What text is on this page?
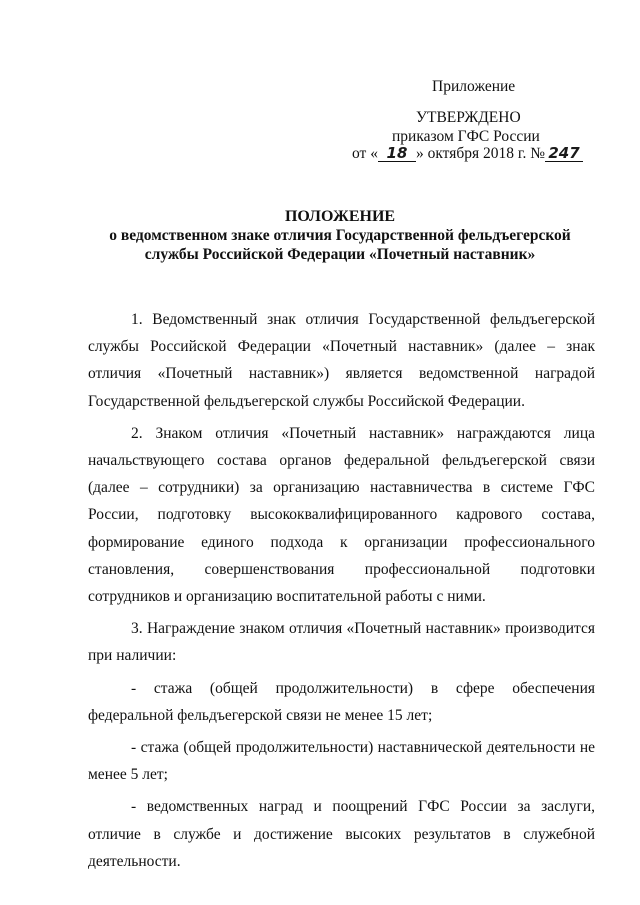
Приложение
УТВЕРЖДЕНО
приказом ГФС России
от « 18 » октября 2018 г. № 247
ПОЛОЖЕНИЕ
о ведомственном знаке отличия Государственной фельдъегерской
службы Российской Федерации «Почетный наставник»

1. Ведомственный знак отличия Государственной фельдъегерской службы Российской Федерации «Почетный наставник» (далее – знак отличия «Почетный наставник») является ведомственной наградой Государственной фельдъегерской службы Российской Федерации.

2. Знаком отличия «Почетный наставник» награждаются лица начальствующего состава органов федеральной фельдъегерской связи (далее – сотрудники) за организацию наставничества в системе ГФС России, подготовку высококвалифицированного кадрового состава, формирование единого подхода к организации профессионального становления, совершенствования профессиональной подготовки сотрудников и организацию воспитательной работы с ними.

3. Награждение знаком отличия «Почетный наставник» производится при наличии:

- стажа (общей продолжительности) в сфере обеспечения федеральной фельдъегерской связи не менее 15 лет;

- стажа (общей продолжительности) наставнической деятельности не менее 5 лет;

- ведомственных наград и поощрений ГФС России за заслуги, отличие в службе и достижение высоких результатов в служебной деятельности.
